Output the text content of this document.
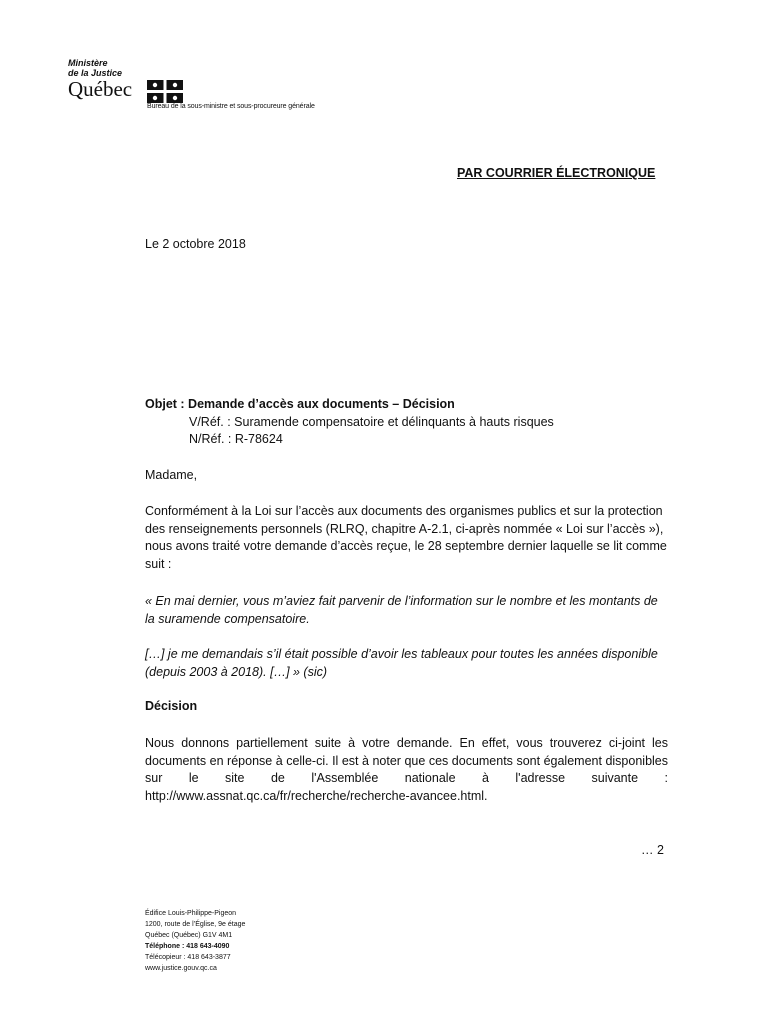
Ministère
de la Justice
Québec
Bureau de la sous-ministre et sous-procureure générale
PAR COURRIER ÉLECTRONIQUE
Le 2 octobre 2018
Objet : Demande d’accès aux documents – Décision
V/Réf. : Suramende compensatoire et délinquants à hauts risques
N/Réf. : R-78624
Madame,
Conformément à la Loi sur l’accès aux documents des organismes publics et sur la protection des renseignements personnels (RLRQ, chapitre A-2.1, ci-après nommée « Loi sur l’accès »), nous avons traité votre demande d’accès reçue, le 28 septembre dernier laquelle se lit comme suit :
« En mai dernier, vous m’aviez fait parvenir de l’information sur le nombre et les montants de la suramende compensatoire.
[…] je me demandais s’il était possible d’avoir les tableaux pour toutes les années disponible (depuis 2003 à 2018). […] » (sic)
Décision
Nous donnons partiellement suite à votre demande. En effet, vous trouverez ci-joint les documents en réponse à celle-ci. Il est à noter que ces documents sont également disponibles sur le site de l'Assemblée nationale à l'adresse suivante :
http://www.assnat.qc.ca/fr/recherche/recherche-avancee.html.
… 2
Édifice Louis-Philippe-Pigeon
1200, route de l’Église, 9e étage
Québec (Québec) G1V 4M1
Téléphone : 418 643-4090
Télécopieur : 418 643-3877
www.justice.gouv.qc.ca
